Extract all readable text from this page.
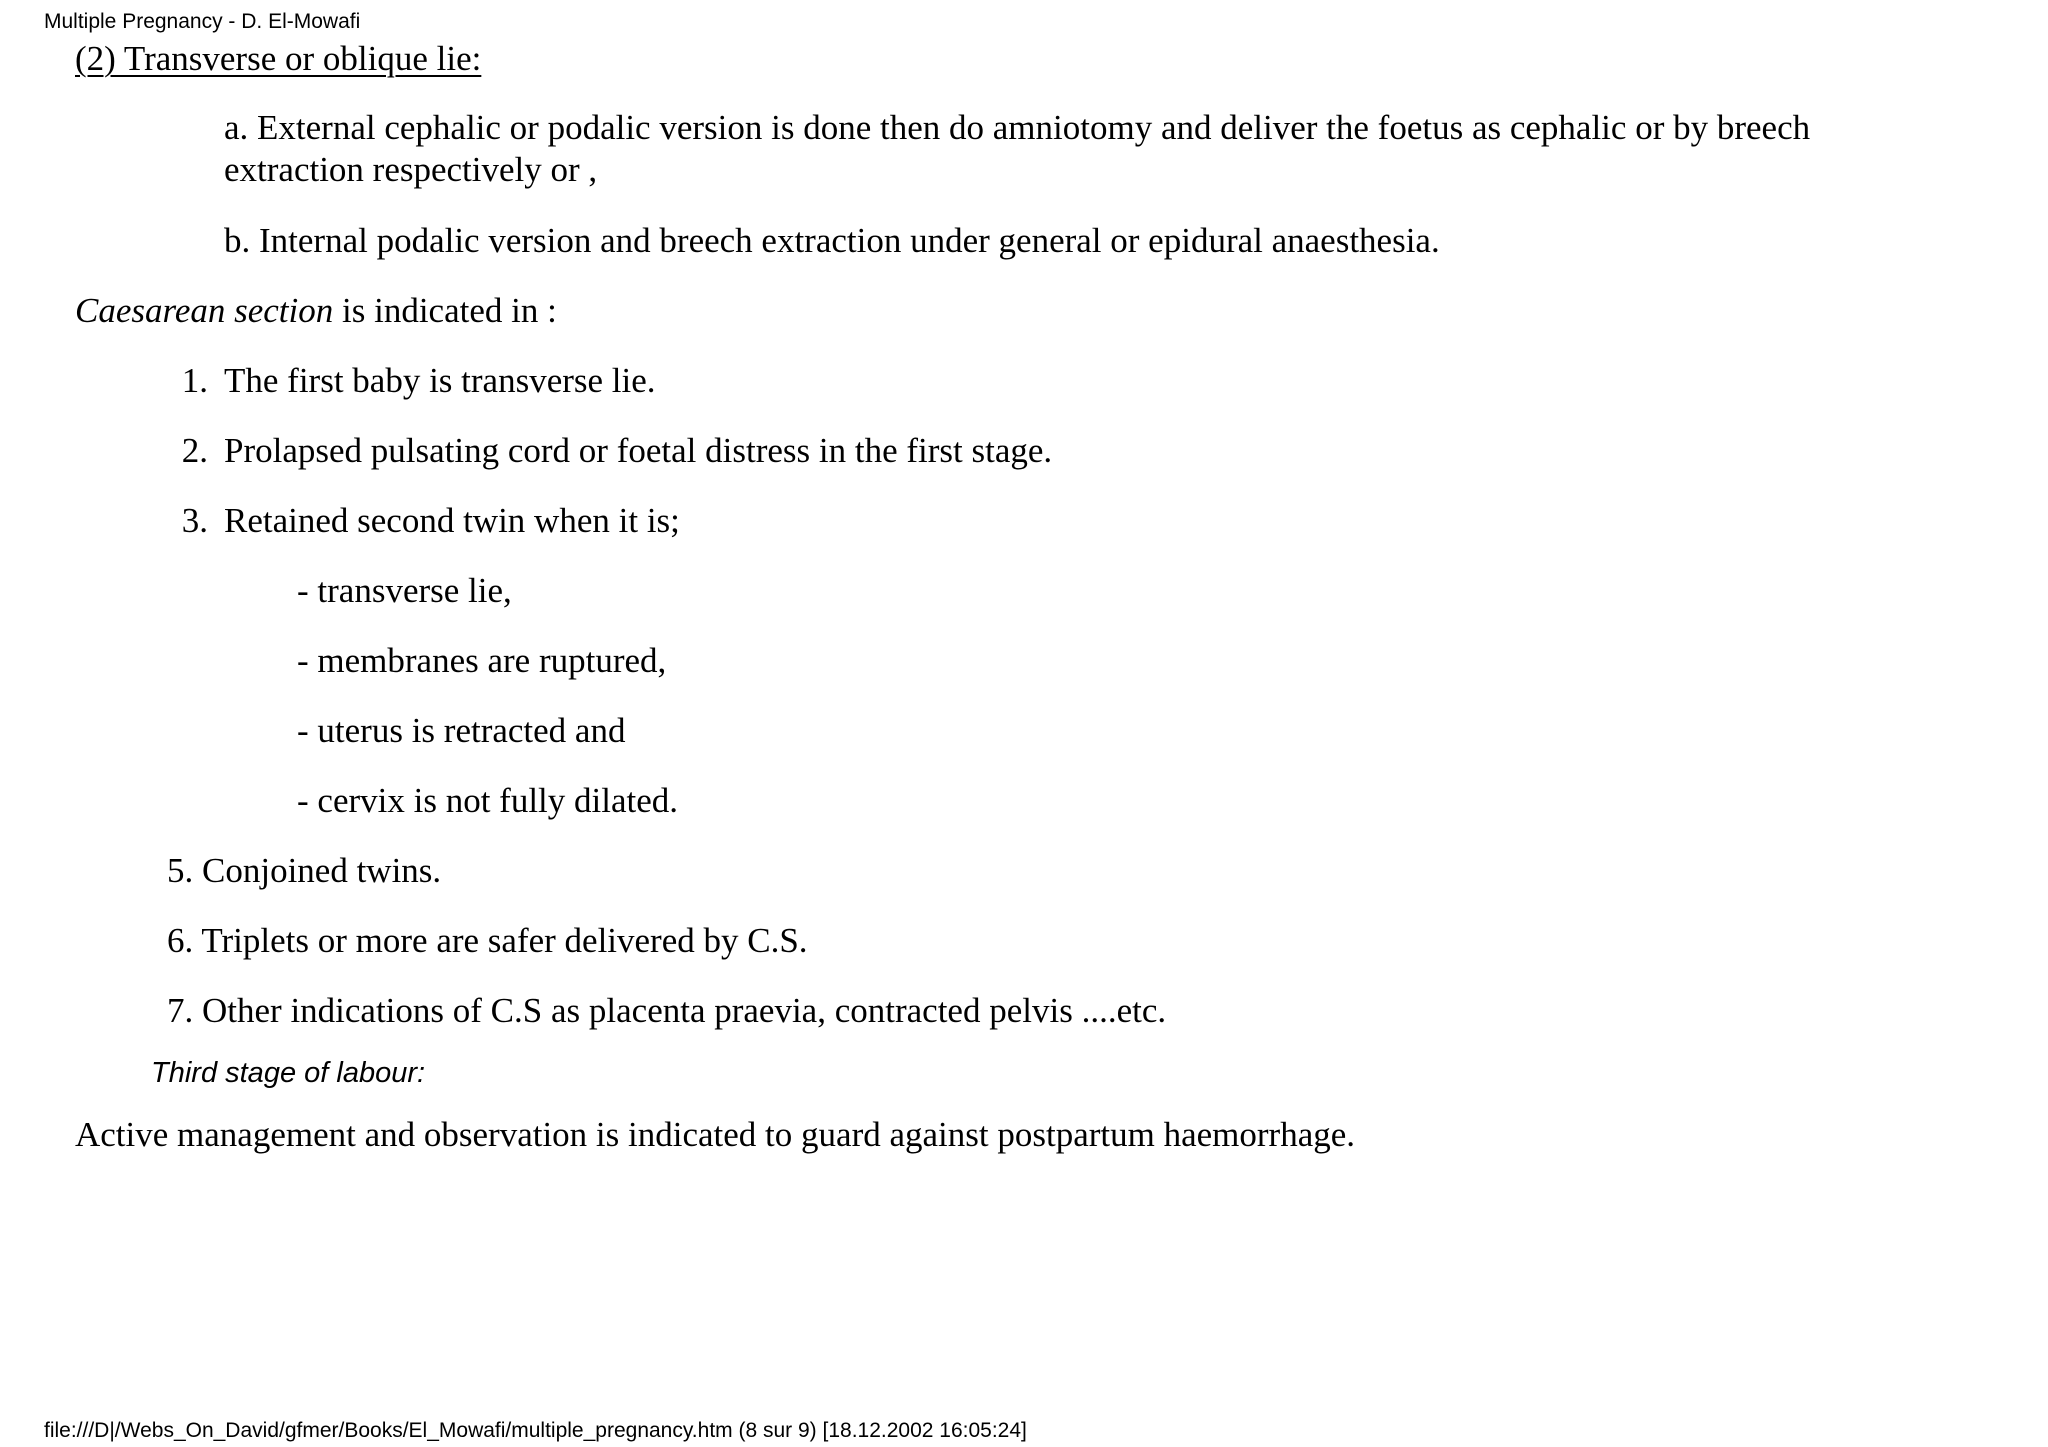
Multiple Pregnancy - D. El-Mowafi
(2) Transverse or oblique lie:
a. External cephalic or podalic version is done then do amniotomy and deliver the foetus as cephalic or by breech extraction respectively or ,
b. Internal podalic version and breech extraction under general or epidural anaesthesia.
Caesarean section is indicated in :
1. The first baby is transverse lie.
2. Prolapsed pulsating cord or foetal distress in the first stage.
3. Retained second twin when it is;
- transverse lie,
- membranes are ruptured,
- uterus is retracted and
- cervix is not fully dilated.
5. Conjoined twins.
6. Triplets or more are safer delivered by C.S.
7. Other indications of C.S as placenta praevia, contracted pelvis ....etc.
Third stage of labour:
Active management and observation is indicated to guard against postpartum haemorrhage.
file:///D|/Webs_On_David/gfmer/Books/El_Mowafi/multiple_pregnancy.htm (8 sur 9) [18.12.2002 16:05:24]
